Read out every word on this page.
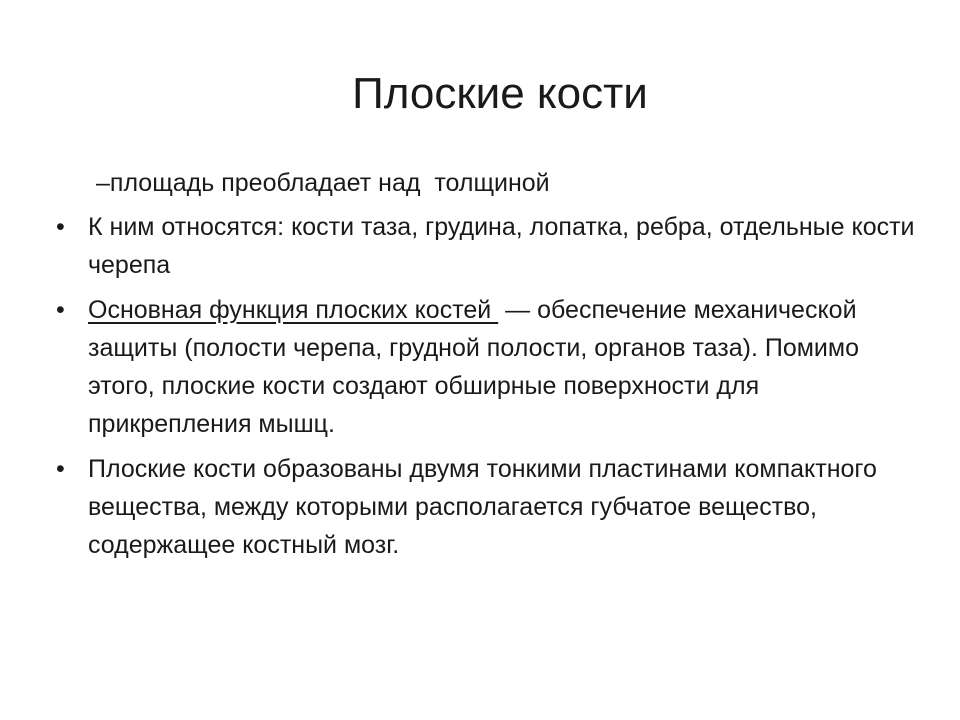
Плоские кости
–площадь преобладает над  толщиной
• К ним относятся: кости таза, грудина, лопатка, ребра, отдельные кости черепа
• Основная функция плоских костей  — обеспечение механической защиты (полости черепа, грудной полости, органов таза). Помимо этого, плоские кости создают обширные поверхности для прикрепления мышц.
• Плоские кости образованы двумя тонкими пластинами компактного вещества, между которыми располагается губчатое вещество, содержащее костный мозг.
